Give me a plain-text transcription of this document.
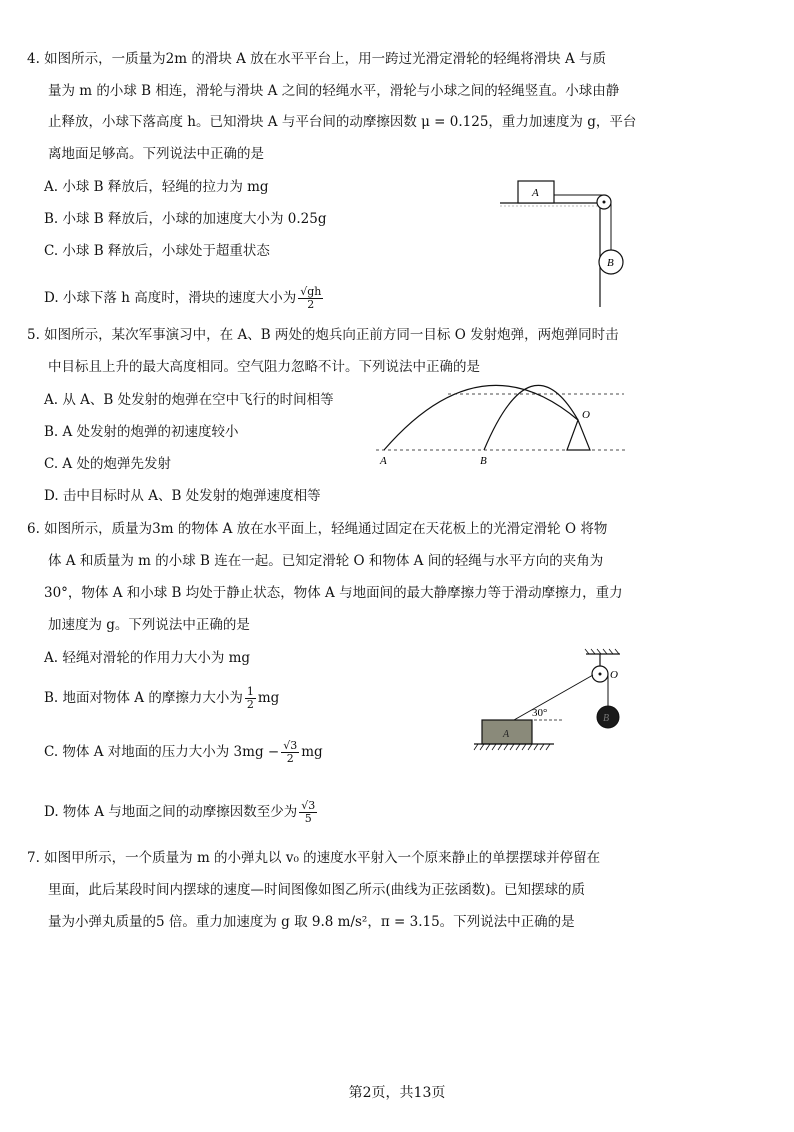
4. 如图所示，一质量为2m 的滑块 A 放在水平平台上，用一跨过光滑定滑轮的轻绳将滑块 A 与质
量为 m 的小球 B 相连，滑轮与滑块 A 之间的轻绳水平，滑轮与小球之间的轻绳竖直。小球由静
止释放，小球下落高度 h。已知滑块 A 与平台间的动摩擦因数 μ = 0.125，重力加速度为 g，平台
离地面足够高。下列说法中正确的是
A. 小球 B 释放后，轻绳的拉力为 mg
B. 小球 B 释放后，小球的加速度大小为 0.25g
C. 小球 B 释放后，小球处于超重状态
D. 小球下落 h 高度时，滑块的速度大小为 $\frac{√gh}{2}$
A
B
5. 如图所示，某次军事演习中，在 A、B 两处的炮兵向正前方同一目标 O 发射炮弹，两炮弹同时击
中目标且上升的最大高度相同。空气阻力忽略不计。下列说法中正确的是
A. 从 A、B 处发射的炮弹在空中飞行的时间相等
B. A 处发射的炮弹的初速度较小
C. A 处的炮弹先发射
D. 击中目标时从 A、B 处发射的炮弹速度相等
A	B
O
6. 如图所示，质量为3m 的物体 A 放在水平面上，轻绳通过固定在天花板上的光滑定滑轮 O 将物
体 A 和质量为 m 的小球 B 连在一起。已知定滑轮 O 和物体 A 间的轻绳与水平方向的夹角为
30°，物体 A 和小球 B 均处于静止状态，物体 A 与地面间的最大静摩擦力等于滑动摩擦力，重力
加速度为 g。下列说法中正确的是
A. 轻绳对滑轮的作用力大小为 mg
B. 地面对物体 A 的摩擦力大小为 $\frac{1}{2}$ mg
C. 物体 A 对地面的压力大小为 $3mg - \frac{√3}{2}$ mg
D. 物体 A 与地面之间的动摩擦因数至少为 $\frac{√3}{5}$
O
B
30°
A
7. 如图甲所示，一个质量为 m 的小弹丸以 v₀ 的速度水平射入一个原来静止的单摆摆球并停留在
里面，此后某段时间内摆球的速度—时间图像如图乙所示(曲线为正弦函数)。已知摆球的质
量为小弹丸质量的5 倍。重力加速度为 g 取 9.8 m/s²，π = 3.15。下列说法中正确的是
第2页，共13页
